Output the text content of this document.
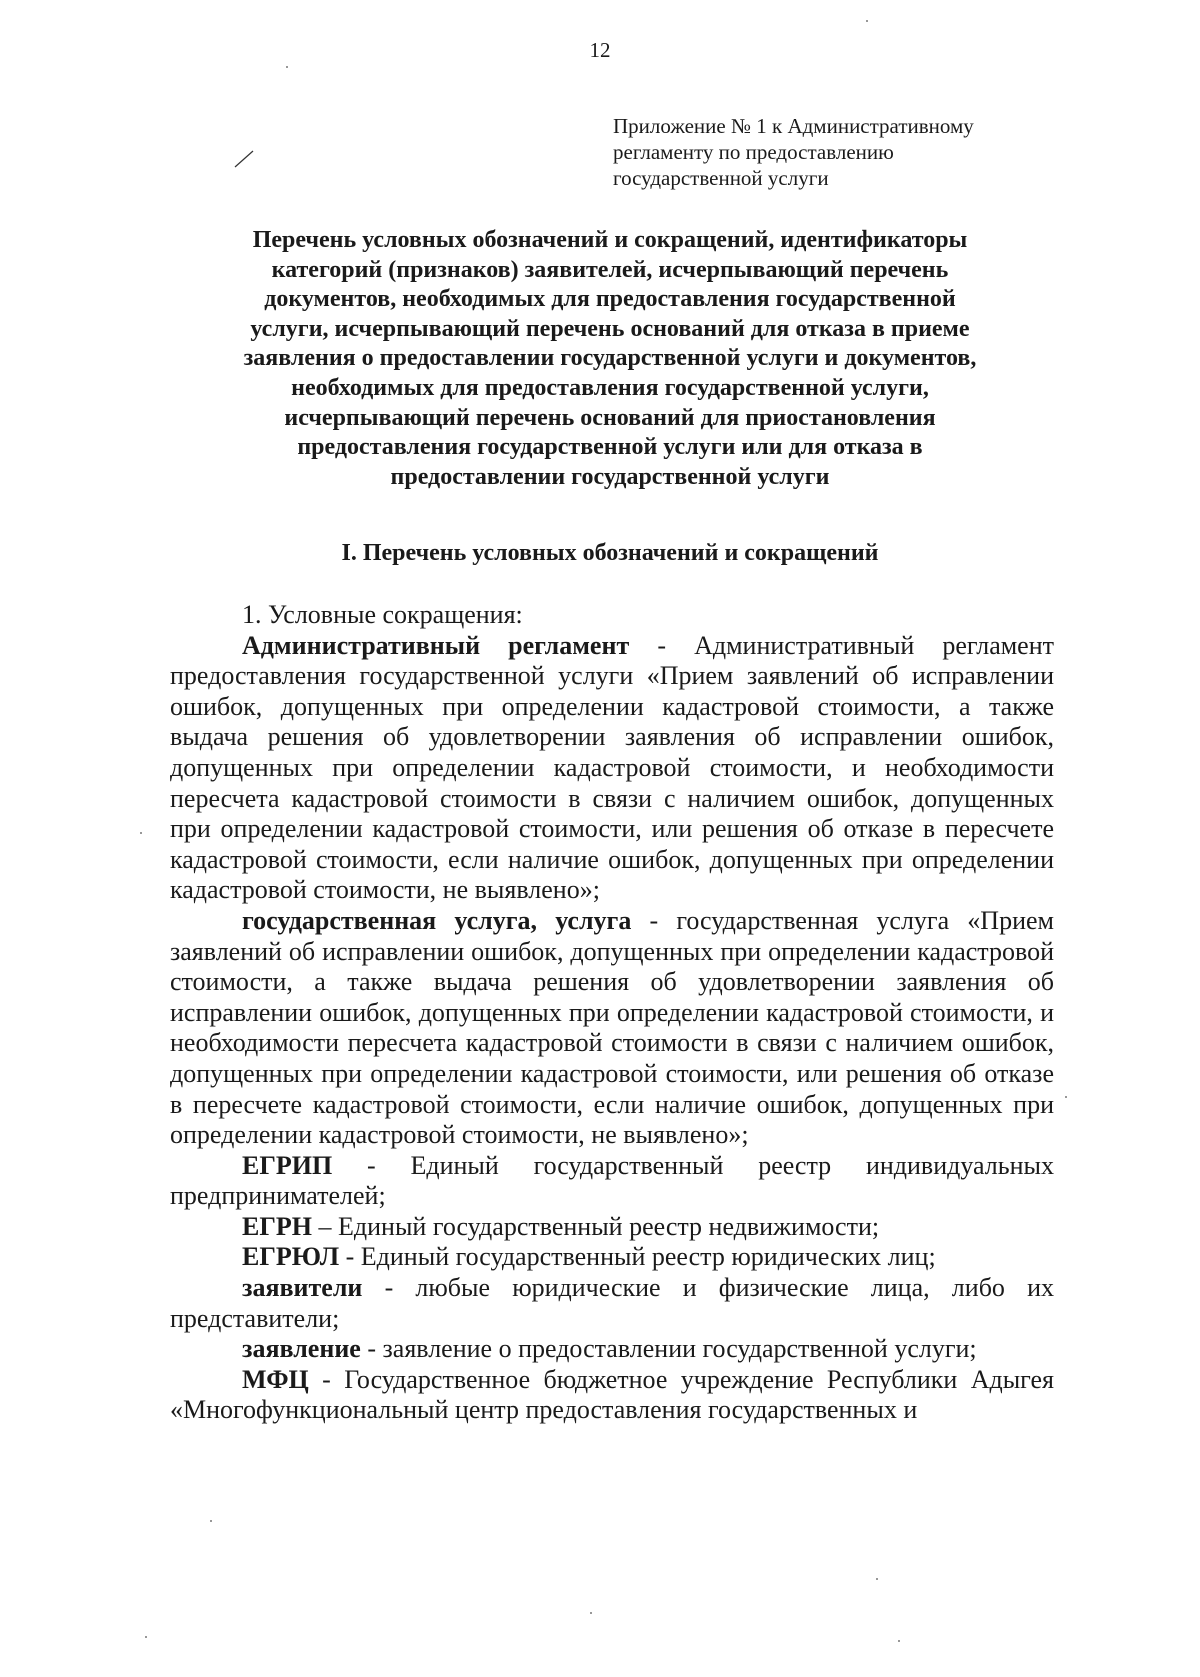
12
Приложение № 1 к Административному
регламенту по предоставлению
государственной услуги
Перечень условных обозначений и сокращений, идентификаторы
категорий (признаков) заявителей, исчерпывающий перечень
документов, необходимых для предоставления государственной
услуги, исчерпывающий перечень оснований для отказа в приеме
заявления о предоставлении государственной услуги и документов,
необходимых для предоставления государственной услуги,
исчерпывающий перечень оснований для приостановления
предоставления государственной услуги или для отказа в
предоставлении государственной услуги
I. Перечень условных обозначений и сокращений

1. Условные сокращения:

Административный регламент - Административный регламент предоставления государственной услуги «Прием заявлений об исправлении ошибок, допущенных при определении кадастровой стоимости, а также выдача решения об удовлетворении заявления об исправлении ошибок, допущенных при определении кадастровой стоимости, и необходимости пересчета кадастровой стоимости в связи с наличием ошибок, допущенных при определении кадастровой стоимости, или решения об отказе в пересчете кадастровой стоимости, если наличие ошибок, допущенных при определении кадастровой стоимости, не выявлено»;

государственная услуга, услуга - государственная услуга «Прием заявлений об исправлении ошибок, допущенных при определении кадастровой стоимости, а также выдача решения об удовлетворении заявления об исправлении ошибок, допущенных при определении кадастровой стоимости, и необходимости пересчета кадастровой стоимости в связи с наличием ошибок, допущенных при определении кадастровой стоимости, или решения об отказе в пересчете кадастровой стоимости, если наличие ошибок, допущенных при определении кадастровой стоимости, не выявлено»;

ЕГРИП - Единый государственный реестр индивидуальных предпринимателей;

ЕГРН – Единый государственный реестр недвижимости;

ЕГРЮЛ - Единый государственный реестр юридических лиц;

заявители - любые юридические и физические лица, либо их представители;

заявление - заявление о предоставлении государственной услуги;

МФЦ - Государственное бюджетное учреждение Республики Адыгея «Многофункциональный центр предоставления государственных и
